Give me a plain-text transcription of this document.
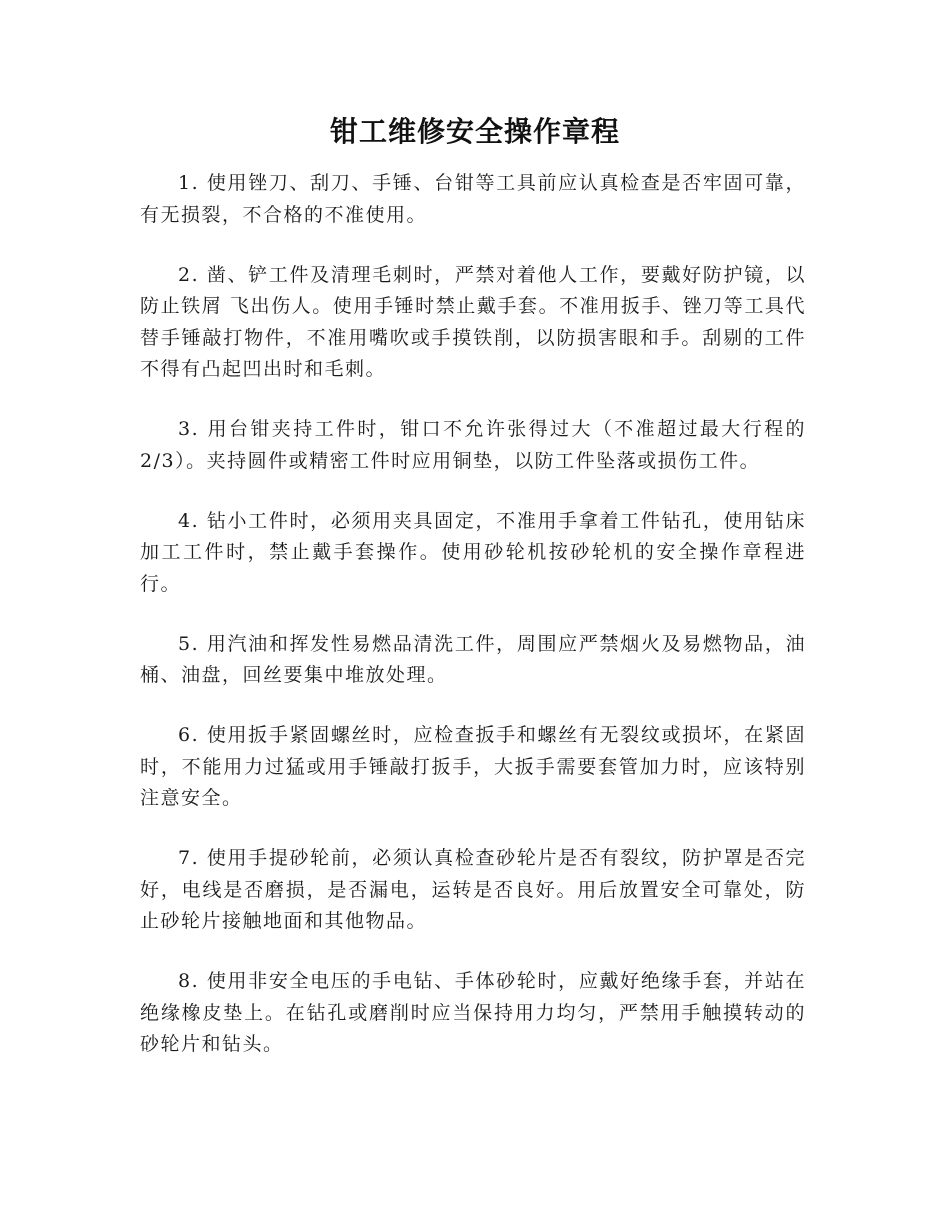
钳工维修安全操作章程

1. 使用锉刀、刮刀、手锤、台钳等工具前应认真检查是否牢固可靠，有无损裂，不合格的不准使用。

2. 凿、铲工件及清理毛刺时，严禁对着他人工作，要戴好防护镜，以防止铁屑 飞出伤人。使用手锤时禁止戴手套。不准用扳手、锉刀等工具代替手锤敲打物件，不准用嘴吹或手摸铁削，以防损害眼和手。刮剔的工件不得有凸起凹出时和毛刺。

3. 用台钳夹持工件时，钳口不允许张得过大（不准超过最大行程的2/3）。夹持圆件或精密工件时应用铜垫，以防工件坠落或损伤工件。

4. 钻小工件时，必须用夹具固定，不准用手拿着工件钻孔，使用钻床加工工件时，禁止戴手套操作。使用砂轮机按砂轮机的安全操作章程进行。

5. 用汽油和挥发性易燃品清洗工件，周围应严禁烟火及易燃物品，油桶、油盘，回丝要集中堆放处理。

6. 使用扳手紧固螺丝时，应检查扳手和螺丝有无裂纹或损坏，在紧固时，不能用力过猛或用手锤敲打扳手，大扳手需要套管加力时，应该特别注意安全。

7. 使用手提砂轮前，必须认真检查砂轮片是否有裂纹，防护罩是否完好，电线是否磨损，是否漏电，运转是否良好。用后放置安全可靠处，防止砂轮片接触地面和其他物品。

8. 使用非安全电压的手电钻、手体砂轮时，应戴好绝缘手套，并站在绝缘橡皮垫上。在钻孔或磨削时应当保持用力均匀，严禁用手触摸转动的砂轮片和钻头。
